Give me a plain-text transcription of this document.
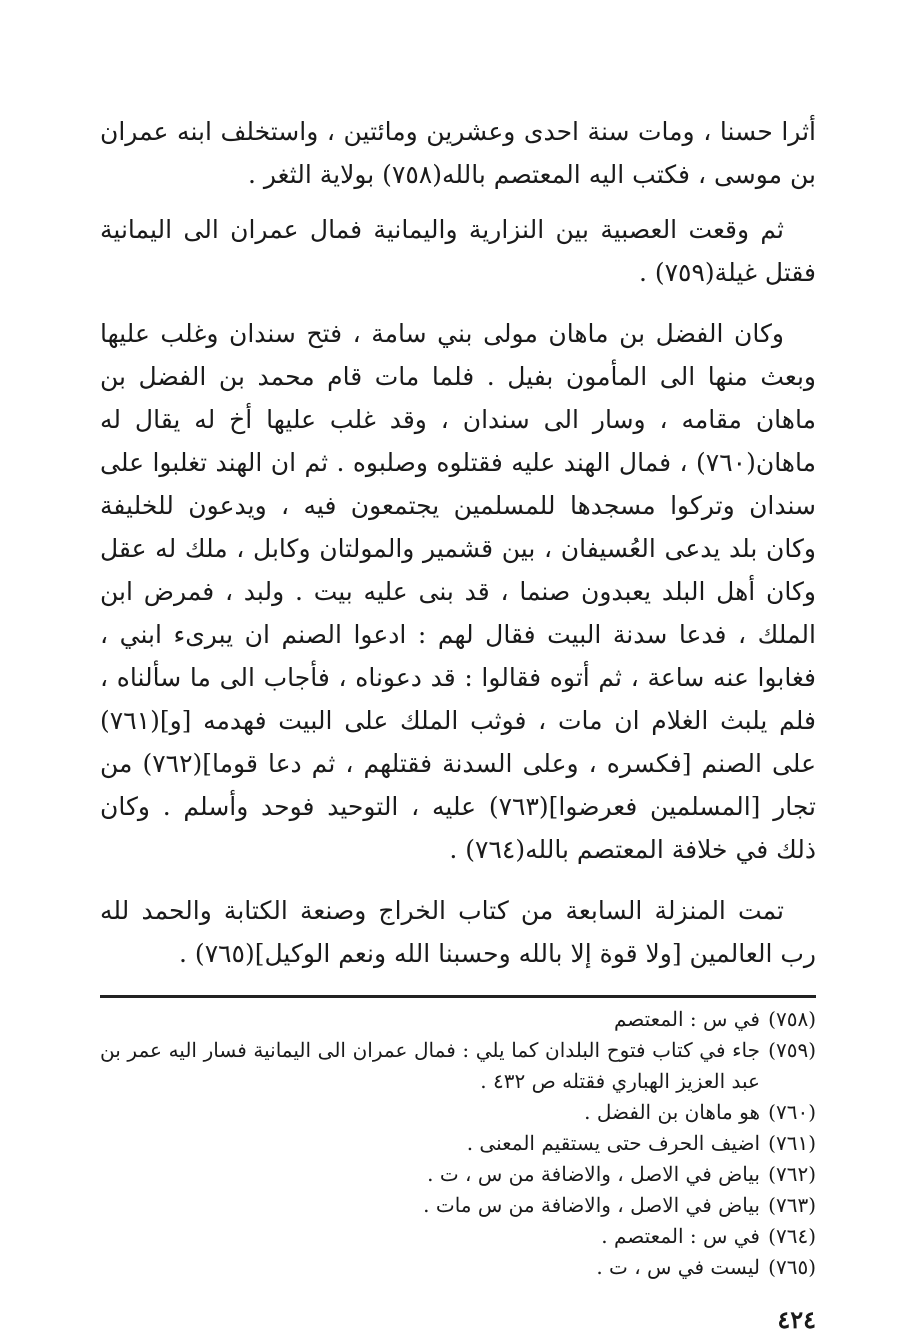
أثرا حسنا ، ومات سنة احدى وعشرين ومائتين ، واستخلف ابنه عمران بن موسى ، فكتب اليه المعتصم بالله(٧٥٨) بولاية الثغر .

ثم وقعت العصبية بين النزارية واليمانية فمال عمران الى اليمانية فقتل غيلة(٧٥٩) .

وكان الفضل بن ماهان مولى بني سامة ، فتح سندان وغلب عليها وبعث منها الى المأمون بفيل . فلما مات قام محمد بن الفضل بن ماهان مقامه ، وسار الى سندان ، وقد غلب عليها أخ له يقال له ماهان(٧٦٠) ، فمال الهند عليه فقتلوه وصلبوه . ثم ان الهند تغلبوا على سندان وتركوا مسجدها للمسلمين يجتمعون فيه ، ويدعون للخليفة وكان بلد يدعى العُسيفان ، بين قشمير والمولتان وكابل ، ملك له عقل وكان أهل البلد يعبدون صنما ، قد بنى عليه بيت . ولبد ، فمرض ابن الملك ، فدعا سدنة البيت فقال لهم : ادعوا الصنم ان يبرىء ابني ، فغابوا عنه ساعة ، ثم أتوه فقالوا : قد دعوناه ، فأجاب الى ما سألناه ، فلم يلبث الغلام ان مات ، فوثب الملك على البيت فهدمه [و](٧٦١) على الصنم [فكسره ، وعلى السدنة فقتلهم ، ثم دعا قوما](٧٦٢) من تجار [المسلمين فعرضوا](٧٦٣) عليه ، التوحيد فوحد وأسلم . وكان ذلك في خلافة المعتصم بالله(٧٦٤) .

تمت المنزلة السابعة من كتاب الخراج وصنعة الكتابة والحمد لله رب العالمين [ولا قوة إلا بالله وحسبنا الله ونعم الوكيل](٧٦٥) .

(٧٥٨)
في س : المعتصم
(٧٥٩)
جاء في كتاب فتوح البلدان كما يلي : فمال عمران الى اليمانية فسار اليه عمر بن عبد العزيز الهباري فقتله ص ٤٣٢ .
(٧٦٠)
هو ماهان بن الفضل .
(٧٦١)
اضيف الحرف حتى يستقيم المعنى .
(٧٦٢)
بياض في الاصل ، والاضافة من س ، ت .
(٧٦٣)
بياض في الاصل ، والاضافة من س مات .
(٧٦٤)
في س : المعتصم .
(٧٦٥)
ليست في س ، ت .
٤٢٤
